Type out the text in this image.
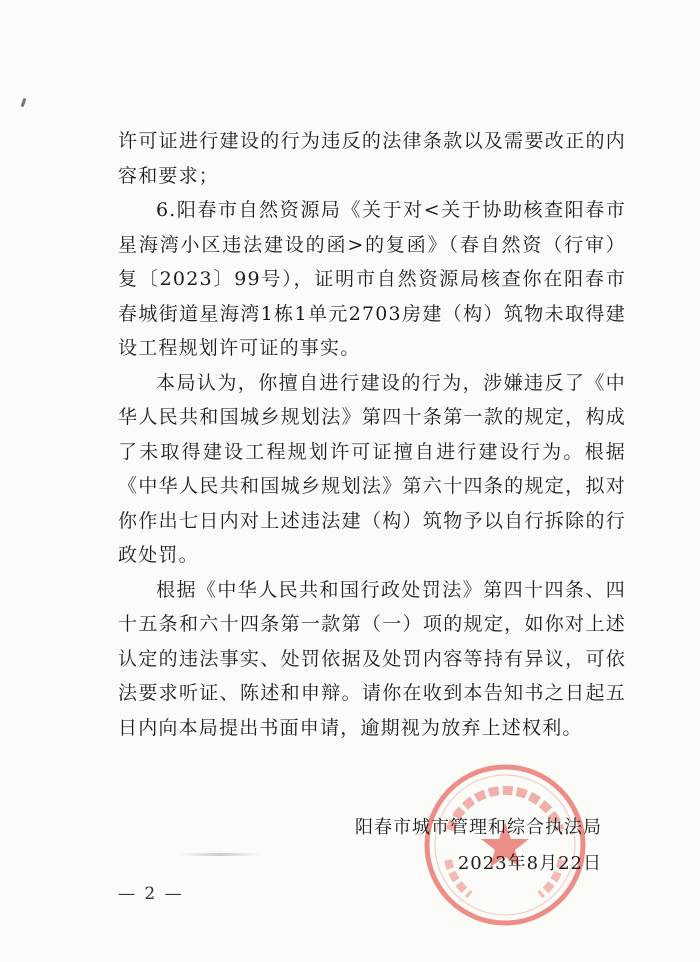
许可证进行建设的行为违反的法律条款以及需要改正的内容和要求；

6.阳春市自然资源局《关于对<关于协助核查阳春市星海湾小区违法建设的函>的复函》（春自然资（行审）复〔2023〕99号），证明市自然资源局核查你在阳春市春城街道星海湾1栋1单元2703房建（构）筑物未取得建设工程规划许可证的事实。

本局认为，你擅自进行建设的行为，涉嫌违反了《中华人民共和国城乡规划法》第四十条第一款的规定，构成了未取得建设工程规划许可证擅自进行建设行为。根据《中华人民共和国城乡规划法》第六十四条的规定，拟对你作出七日内对上述违法建（构）筑物予以自行拆除的行政处罚。

根据《中华人民共和国行政处罚法》第四十四条、四十五条和六十四条第一款第（一）项的规定，如你对上述认定的违法事实、处罚依据及处罚内容等持有异议，可依法要求听证、陈述和申辩。请你在收到本告知书之日起五日内向本局提出书面申请，逾期视为放弃上述权利。

阳春市城市管理和综合执法局
2023年8月22日
— 2 —
